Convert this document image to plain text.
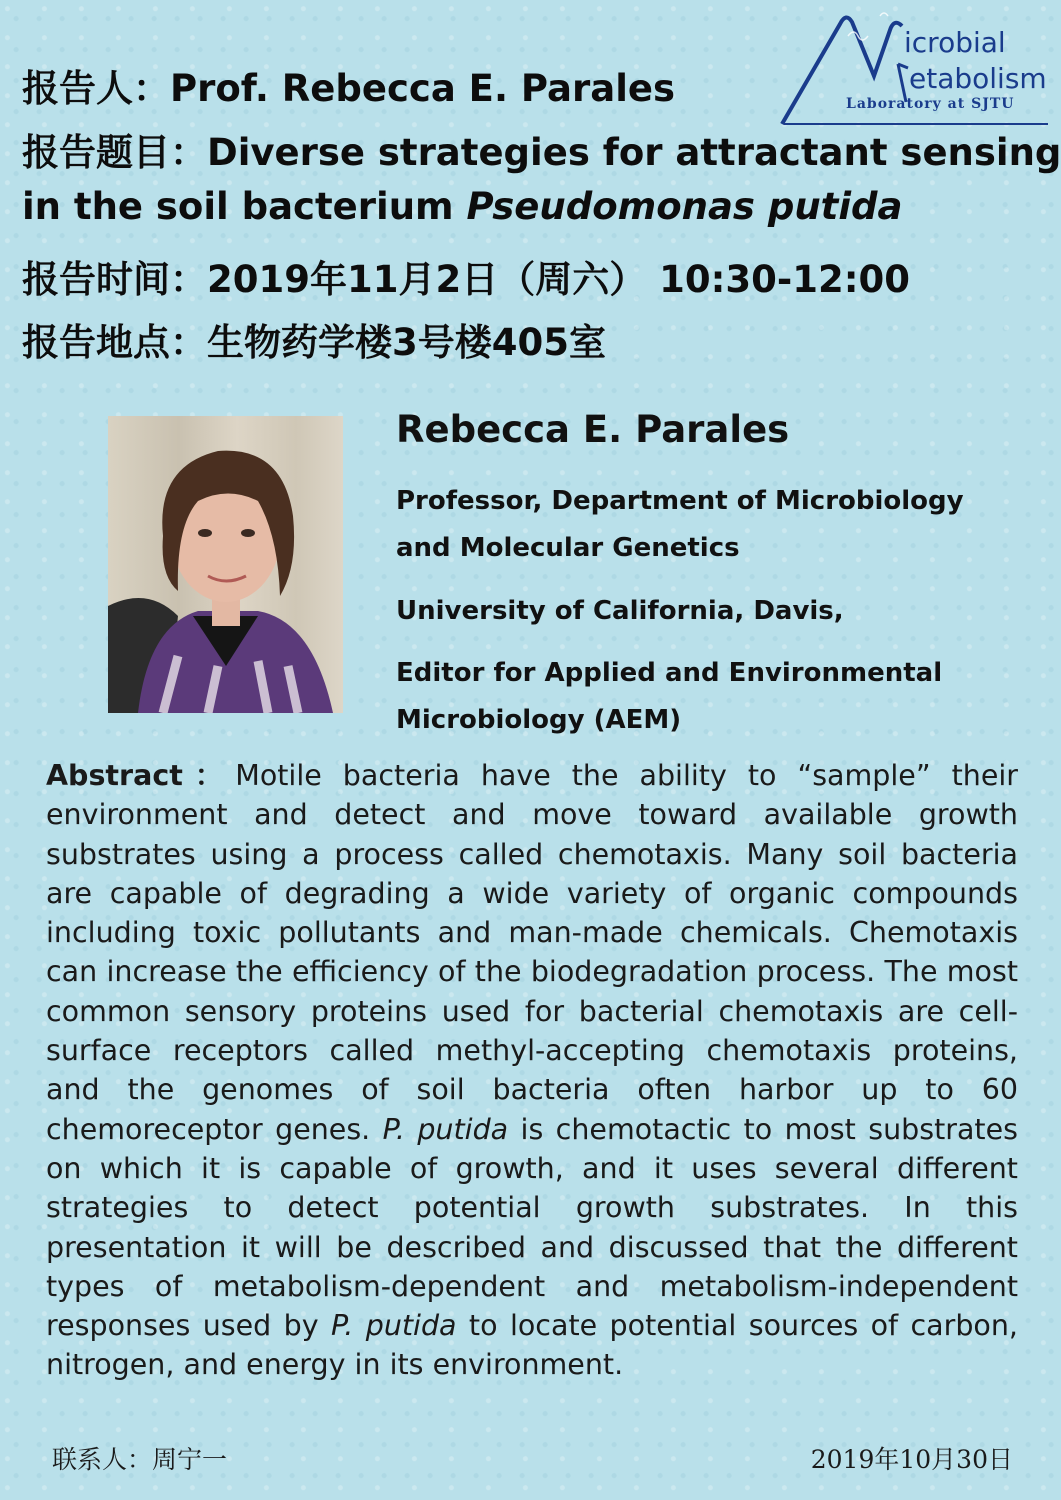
报告人：Prof. Rebecca E. Parales
报告题目：Diverse strategies for attractant sensing
in the soil bacterium Pseudomonas putida
报告时间：2019年11月2日（周六） 10:30-12:00
报告地点：生物药学楼3号楼405室
icrobial
etabolism
Laboratory at SJTU
Rebecca E. Parales
Professor, Department of Microbiology
and Molecular Genetics
University of California, Davis,
Editor for Applied and Environmental
Microbiology (AEM)
Abstract：Motile bacteria have the ability to “sample” their environment and detect and move toward available growth substrates using a process called chemotaxis. Many soil bacteria are capable of degrading a wide variety of organic compounds including toxic pollutants and man-made chemicals. Chemotaxis can increase the efficiency of the biodegradation process. The most common sensory proteins used for bacterial chemotaxis are cell-surface receptors called methyl-accepting chemotaxis proteins, and the genomes of soil bacteria often harbor up to 60 chemoreceptor genes. P. putida is chemotactic to most substrates on which it is capable of growth, and it uses several different strategies to detect potential growth substrates. In this presentation it will be described and discussed that the different types of metabolism-dependent and metabolism-independent responses used by P. putida to locate potential sources of carbon, nitrogen, and energy in its environment.
联系人：周宁一	2019年10月30日
